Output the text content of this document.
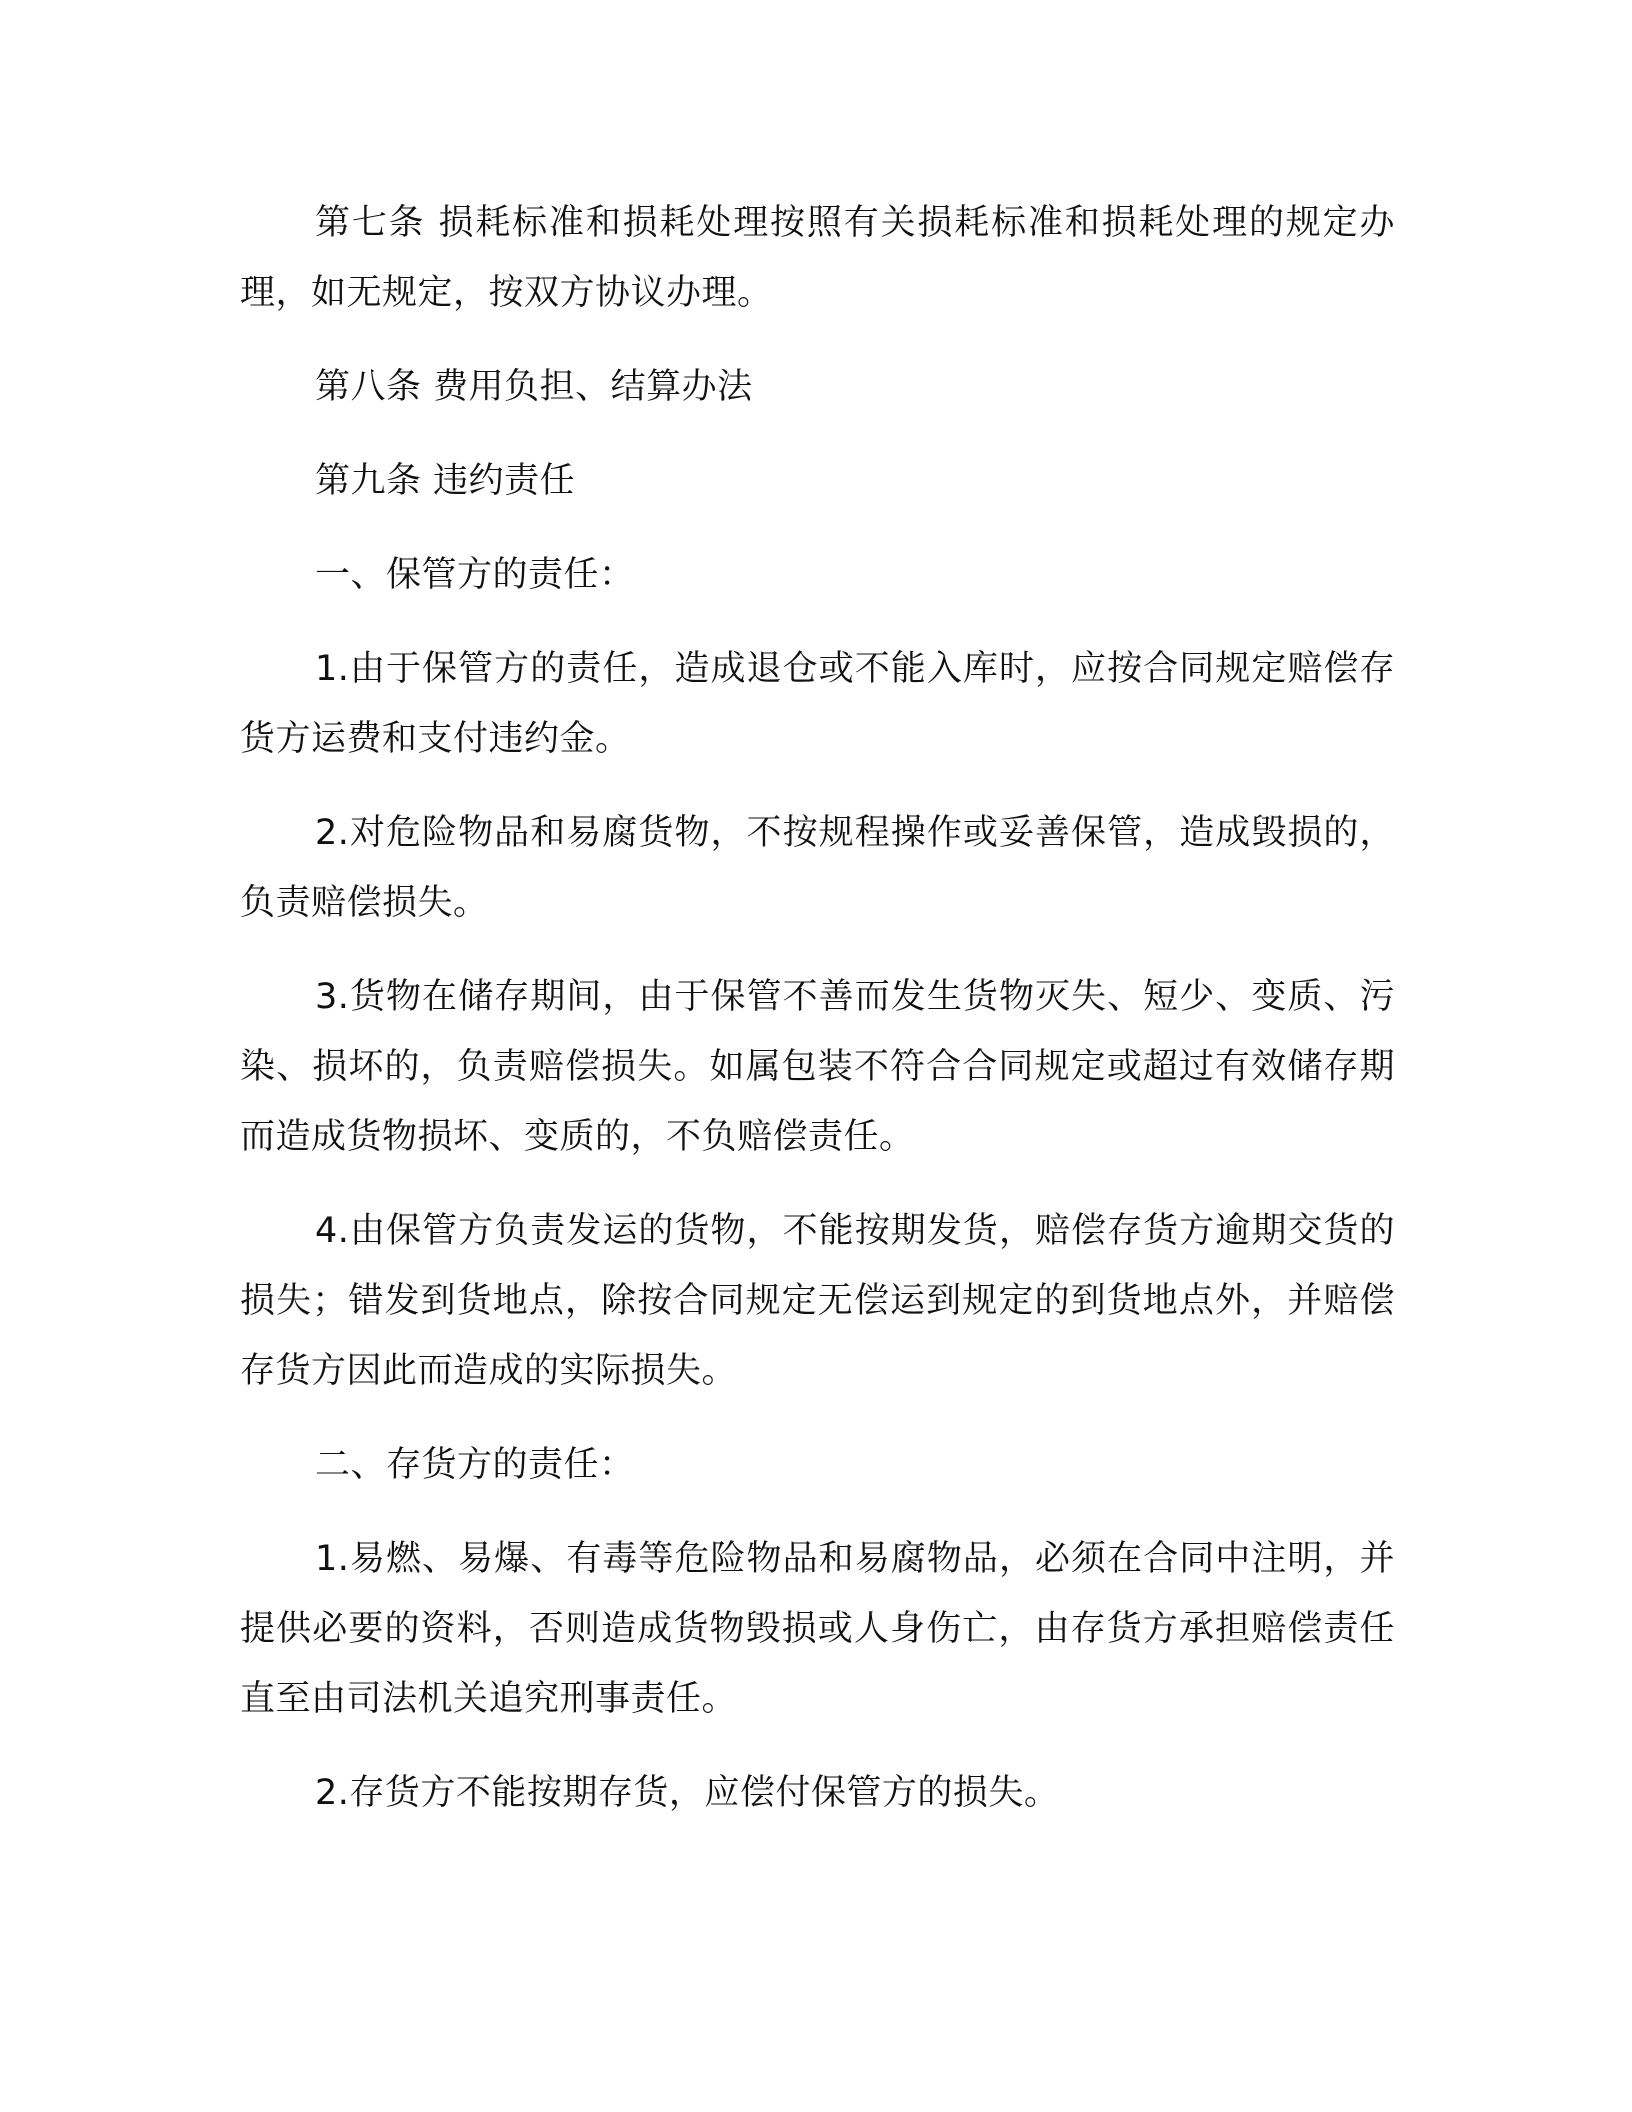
第七条 损耗标准和损耗处理按照有关损耗标准和损耗处理的规定办理，如无规定，按双方协议办理。

第八条 费用负担、结算办法

第九条 违约责任

一、保管方的责任：

1.由于保管方的责任，造成退仓或不能入库时，应按合同规定赔偿存货方运费和支付违约金。

2.对危险物品和易腐货物，不按规程操作或妥善保管，造成毁损的，负责赔偿损失。

3.货物在储存期间，由于保管不善而发生货物灭失、短少、变质、污染、损坏的，负责赔偿损失。如属包装不符合合同规定或超过有效储存期而造成货物损坏、变质的，不负赔偿责任。

4.由保管方负责发运的货物，不能按期发货，赔偿存货方逾期交货的损失；错发到货地点，除按合同规定无偿运到规定的到货地点外，并赔偿存货方因此而造成的实际损失。

二、存货方的责任：

1.易燃、易爆、有毒等危险物品和易腐物品，必须在合同中注明，并提供必要的资料，否则造成货物毁损或人身伤亡，由存货方承担赔偿责任直至由司法机关追究刑事责任。

2.存货方不能按期存货，应偿付保管方的损失。
